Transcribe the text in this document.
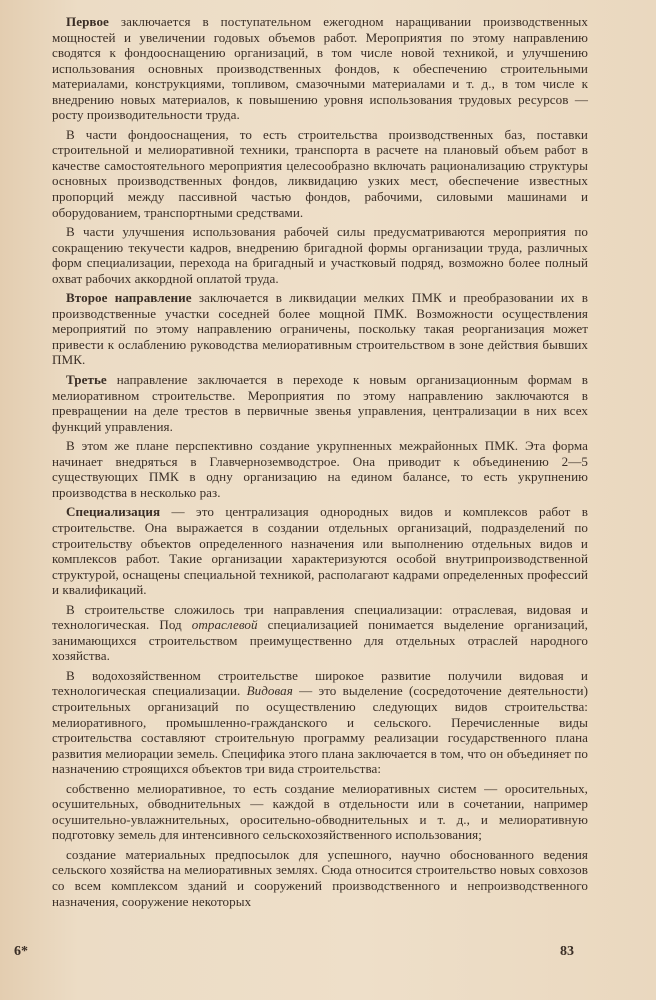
Первое заключается в поступательном ежегодном наращивании производственных мощностей и увеличении годовых объемов работ. Мероприятия по этому направлению сводятся к фондооснащению организаций, в том числе новой техникой, и улучшению использования основных производственных фондов, к обеспечению строительными материалами, конструкциями, топливом, смазочными материалами и т. д., в том числе к внедрению новых материалов, к повышению уровня использования трудовых ресурсов — росту производительности труда.

В части фондооснащения, то есть строительства производственных баз, поставки строительной и мелиоративной техники, транспорта в расчете на плановый объем работ в качестве самостоятельного мероприятия целесообразно включать рационализацию структуры основных производственных фондов, ликвидацию узких мест, обеспечение известных пропорций между пассивной частью фондов, рабочими, силовыми машинами и оборудованием, транспортными средствами.

В части улучшения использования рабочей силы предусматриваются мероприятия по сокращению текучести кадров, внедрению бригадной формы организации труда, различных форм специализации, перехода на бригадный и участковый подряд, возможно более полный охват рабочих аккордной оплатой труда.

Второе направление заключается в ликвидации мелких ПМК и преобразовании их в производственные участки соседней более мощной ПМК. Возможности осуществления мероприятий по этому направлению ограничены, поскольку такая реорганизация может привести к ослаблению руководства мелиоративным строительством в зоне действия бывших ПМК.

Третье направление заключается в переходе к новым организационным формам в мелиоративном строительстве. Мероприятия по этому направлению заключаются в превращении на деле трестов в первичные звенья управления, централизации в них всех функций управления.

В этом же плане перспективно создание укрупненных межрайонных ПМК. Эта форма начинает внедряться в Главчерноземводстрое. Она приводит к объединению 2—5 существующих ПМК в одну организацию на едином балансе, то есть укрупнению производства в несколько раз.

Специализация — это централизация однородных видов и комплексов работ в строительстве. Она выражается в создании отдельных организаций, подразделений по строительству объектов определенного назначения или выполнению отдельных видов и комплексов работ. Такие организации характеризуются особой внутрипроизводственной структурой, оснащены специальной техникой, располагают кадрами определенных профессий и квалификаций.

В строительстве сложилось три направления специализации: отраслевая, видовая и технологическая. Под отраслевой специализацией понимается выделение организаций, занимающихся строительством преимущественно для отдельных отраслей народного хозяйства.

В водохозяйственном строительстве широкое развитие получили видовая и технологическая специализации. Видовая — это выделение (сосредоточение деятельности) строительных организаций по осуществлению следующих видов строительства: мелиоративного, промышленно-гражданского и сельского. Перечисленные виды строительства составляют строительную программу реализации государственного плана развития мелиорации земель. Специфика этого плана заключается в том, что он объединяет по назначению строящихся объектов три вида строительства:

собственно мелиоративное, то есть создание мелиоративных систем — оросительных, осушительных, обводнительных — каждой в отдельности или в сочетании, например осушительно-увлажнительных, оросительно-обводнительных и т. д., и мелиоративную подготовку земель для интенсивного сельскохозяйственного использования;

создание материальных предпосылок для успешного, научно обоснованного ведения сельского хозяйства на мелиоративных землях. Сюда относится строительство новых совхозов со всем комплексом зданий и сооружений производственного и непроизводственного назначения, сооружение некоторых

6*	83
